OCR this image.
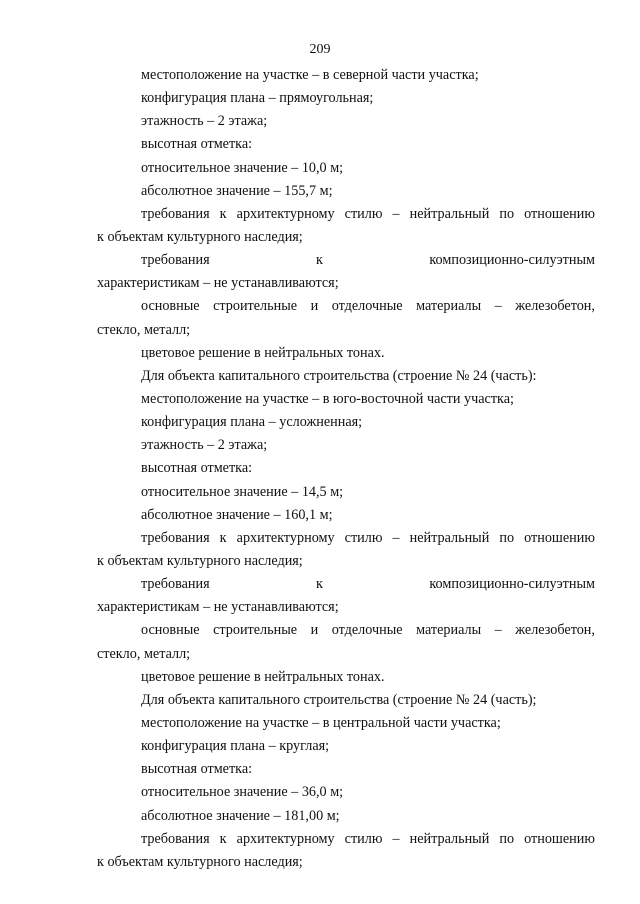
209
местоположение на участке – в северной части участка;
конфигурация плана – прямоугольная;
этажность – 2 этажа;
высотная отметка:
относительное значение – 10,0 м;
абсолютное значение – 155,7 м;
требования к архитектурному стилю – нейтральный по отношению
к объектам культурного наследия;
требования	к	композиционно-силуэтным
характеристикам – не устанавливаются;
основные строительные и отделочные материалы – железобетон,
стекло, металл;
цветовое решение в нейтральных тонах.
Для объекта капитального строительства (строение № 24 (часть):
местоположение на участке – в юго-восточной части участка;
конфигурация плана – усложненная;
этажность – 2 этажа;
высотная отметка:
относительное значение – 14,5 м;
абсолютное значение – 160,1 м;
требования к архитектурному стилю – нейтральный по отношению
к объектам культурного наследия;
требования	к	композиционно-силуэтным
характеристикам – не устанавливаются;
основные строительные и отделочные материалы – железобетон,
стекло, металл;
цветовое решение в нейтральных тонах.
Для объекта капитального строительства (строение № 24 (часть);
местоположение на участке – в центральной части участка;
конфигурация плана – круглая;
высотная отметка:
относительное значение – 36,0 м;
абсолютное значение – 181,00 м;
требования к архитектурному стилю – нейтральный по отношению
к объектам культурного наследия;
